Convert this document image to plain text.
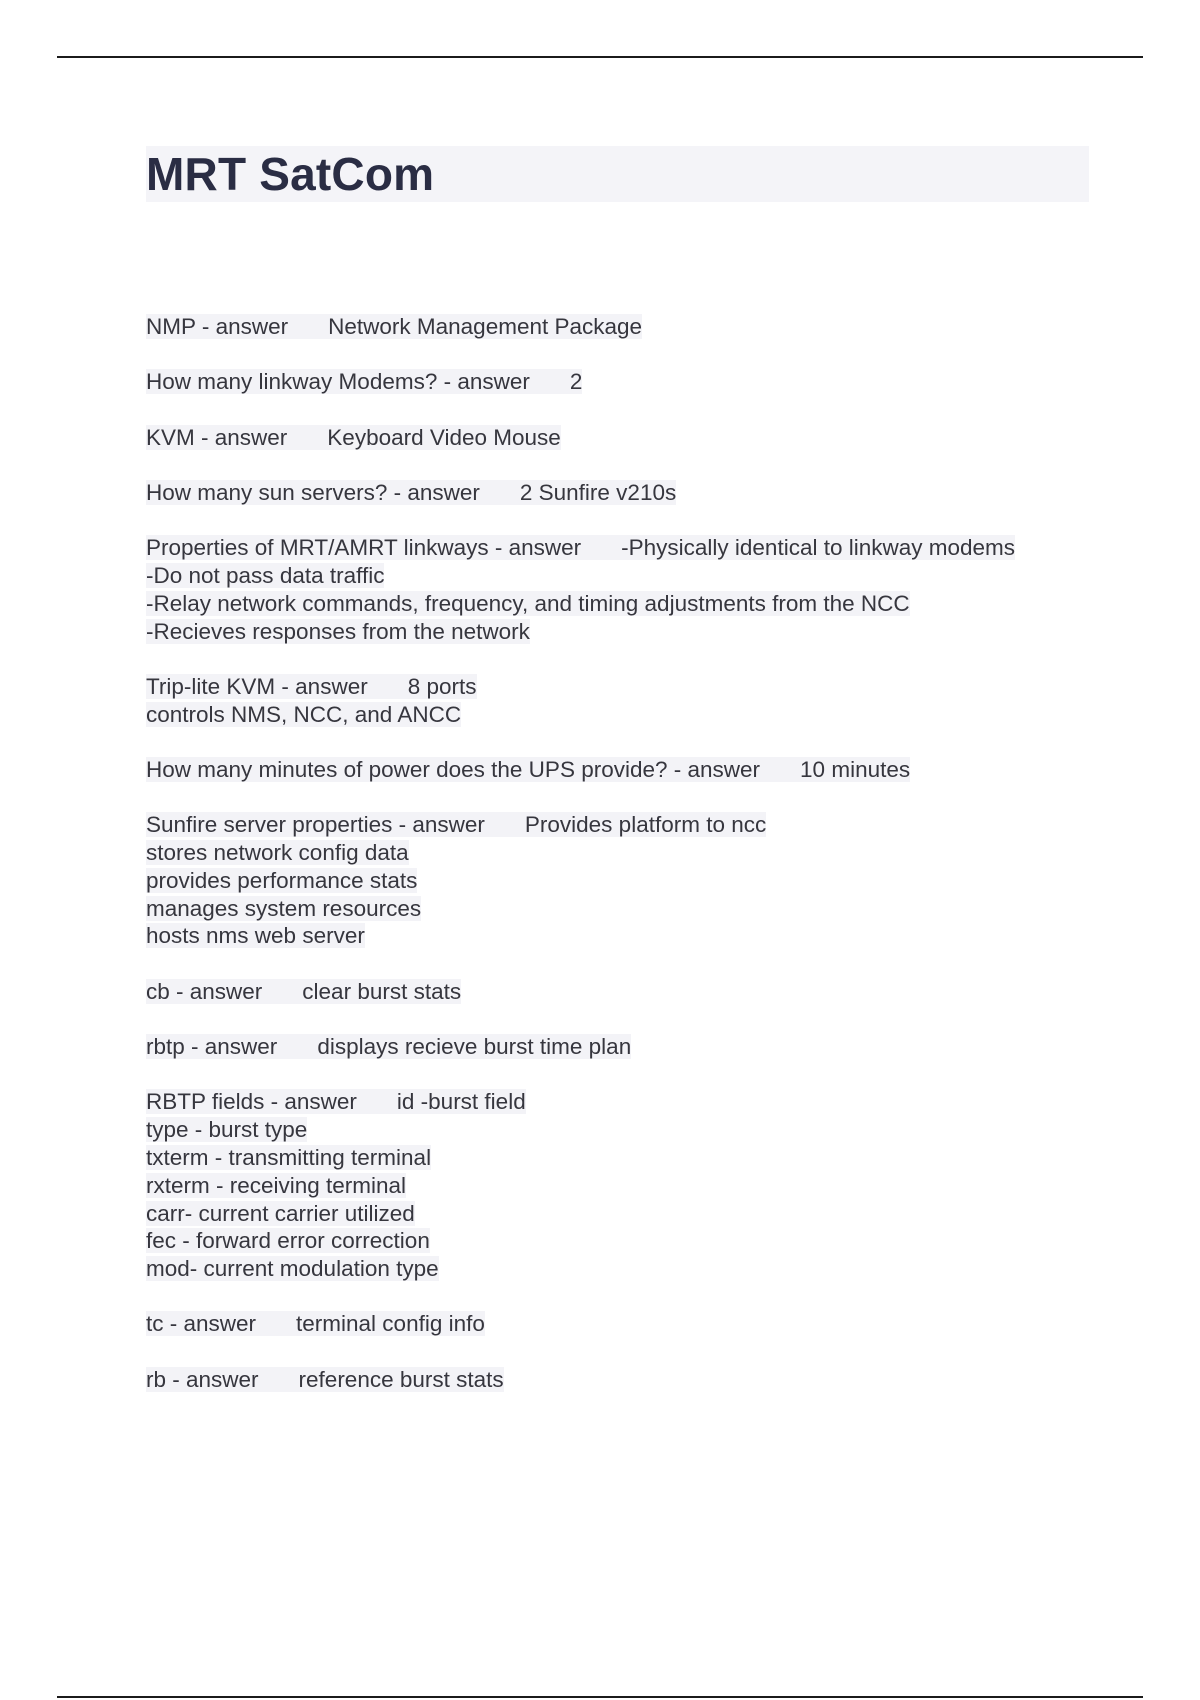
MRT SatCom
NMP - answer Network Management Package
How many linkway Modems? - answer 2
KVM - answer Keyboard Video Mouse
How many sun servers? - answer 2 Sunfire v210s
Properties of MRT/AMRT linkways - answer -Physically identical to linkway modems
-Do not pass data traffic
-Relay network commands, frequency, and timing adjustments from the NCC
-Recieves responses from the network
Trip-lite KVM - answer 8 ports
controls NMS, NCC, and ANCC
How many minutes of power does the UPS provide? - answer 10 minutes
Sunfire server properties - answer Provides platform to ncc
stores network config data
provides performance stats
manages system resources
hosts nms web server
cb - answer clear burst stats
rbtp - answer displays recieve burst time plan
RBTP fields - answer id -burst field
type - burst type
txterm - transmitting terminal
rxterm - receiving terminal
carr- current carrier utilized
fec - forward error correction
mod- current modulation type
tc - answer terminal config info
rb - answer reference burst stats
